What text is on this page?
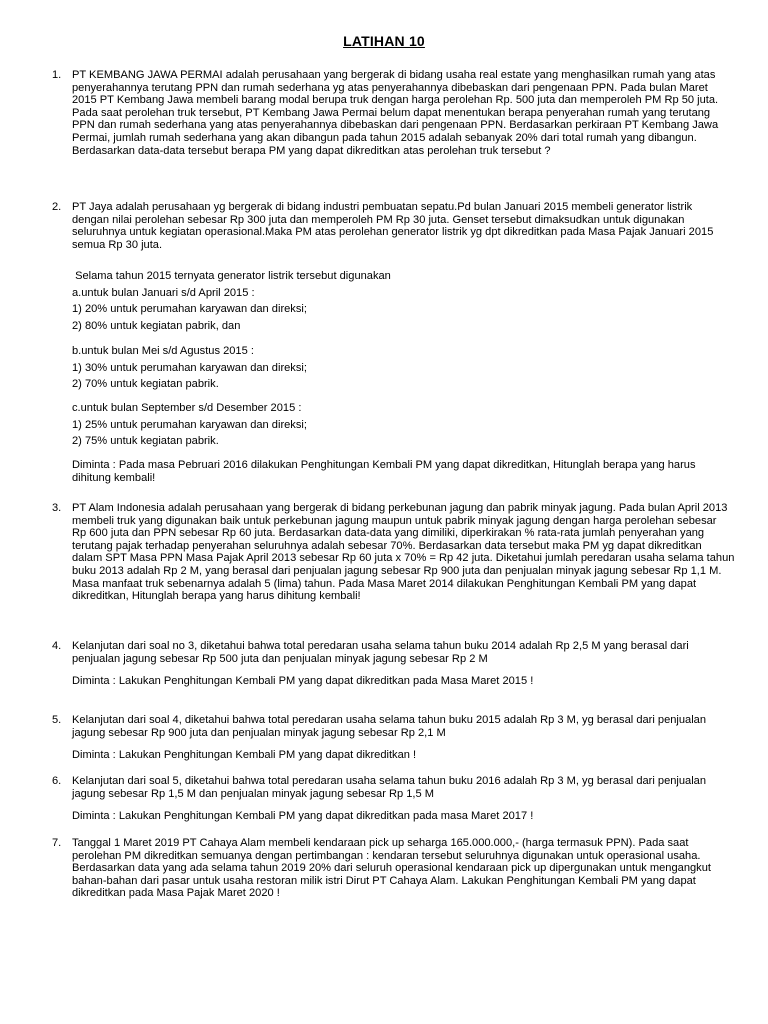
LATIHAN 10
1. PT KEMBANG JAWA PERMAI adalah perusahaan yang bergerak di bidang usaha real estate yang menghasilkan rumah yang atas
penyerahannya terutang PPN dan rumah sederhana yg atas penyerahannya dibebaskan dari pengenaan PPN. Pada bulan Maret
2015 PT Kembang Jawa membeli barang modal berupa truk dengan harga perolehan Rp. 500 juta dan memperoleh PM Rp 50 juta.
Pada saat perolehan truk tersebut, PT Kembang Jawa Permai belum dapat menentukan berapa penyerahan rumah yang terutang
PPN dan rumah sederhana yang atas penyerahannya dibebaskan dari pengenaan PPN. Berdasarkan perkiraan PT Kembang Jawa
Permai, jumlah rumah sederhana yang akan dibangun pada tahun 2015 adalah sebanyak 20% dari total rumah yang dibangun.
Berdasarkan data-data tersebut berapa PM yang dapat dikreditkan atas perolehan truk tersebut ?
2. PT Jaya adalah perusahaan yg bergerak di bidang industri pembuatan sepatu.Pd bulan Januari 2015 membeli generator listrik
dengan nilai perolehan sebesar Rp 300 juta dan memperoleh PM Rp 30 juta. Genset tersebut dimaksudkan untuk digunakan
seluruhnya untuk kegiatan operasional.Maka PM atas perolehan generator listrik yg dpt dikreditkan pada Masa Pajak Januari 2015
semua Rp 30 juta.
Selama tahun 2015 ternyata generator listrik tersebut digunakan
a.untuk bulan Januari s/d April 2015 :
1) 20% untuk perumahan karyawan dan direksi;
2) 80% untuk kegiatan pabrik, dan
b.untuk bulan Mei s/d Agustus 2015 :
1) 30% untuk perumahan karyawan dan direksi;
2) 70% untuk kegiatan pabrik.
c.untuk bulan September s/d Desember 2015 :
1) 25% untuk perumahan karyawan dan direksi;
2) 75% untuk kegiatan pabrik.
Diminta : Pada masa Pebruari 2016 dilakukan Penghitungan Kembali PM yang dapat dikreditkan, Hitunglah berapa yang harus
dihitung kembali!
3. PT Alam Indonesia adalah perusahaan yang bergerak di bidang perkebunan jagung dan pabrik minyak jagung. Pada bulan April 2013
membeli truk yang digunakan baik untuk perkebunan jagung maupun untuk pabrik minyak jagung dengan harga perolehan sebesar
Rp 600 juta dan PPN sebesar Rp 60 juta. Berdasarkan data-data yang dimiliki, diperkirakan % rata-rata jumlah penyerahan yang
terutang pajak terhadap penyerahan seluruhnya adalah sebesar 70%. Berdasarkan data tersebut maka PM yg dapat dikreditkan
dalam SPT Masa PPN Masa Pajak April 2013 sebesar Rp 60 juta x 70% = Rp 42 juta. Diketahui jumlah peredaran usaha selama tahun
buku 2013 adalah Rp 2 M, yang berasal dari penjualan jagung sebesar Rp 900 juta dan penjualan minyak jagung sebesar Rp 1,1 M.
Masa manfaat truk sebenarnya adalah 5 (lima) tahun. Pada Masa Maret 2014 dilakukan Penghitungan Kembali PM yang dapat
dikreditkan, Hitunglah berapa yang harus dihitung kembali!
4. Kelanjutan dari soal no 3, diketahui bahwa total peredaran usaha selama tahun buku 2014 adalah Rp 2,5 M yang berasal dari
penjualan jagung sebesar Rp 500 juta dan penjualan minyak jagung sebesar Rp 2 M
Diminta : Lakukan Penghitungan Kembali PM yang dapat dikreditkan pada Masa Maret 2015 !
5. Kelanjutan dari soal 4, diketahui bahwa total peredaran usaha selama tahun buku 2015 adalah Rp 3 M, yg berasal dari penjualan
jagung sebesar Rp 900 juta dan penjualan minyak jagung sebesar Rp 2,1 M
Diminta : Lakukan Penghitungan Kembali PM yang dapat dikreditkan !
6. Kelanjutan dari soal 5, diketahui bahwa total peredaran usaha selama tahun buku 2016 adalah Rp 3 M, yg berasal dari penjualan
jagung sebesar Rp 1,5 M dan penjualan minyak jagung sebesar Rp 1,5 M
Diminta : Lakukan Penghitungan Kembali PM yang dapat dikreditkan pada masa Maret 2017 !
7. Tanggal 1 Maret 2019 PT Cahaya Alam membeli kendaraan pick up seharga 165.000.000,- (harga termasuk PPN). Pada saat
perolehan PM dikreditkan semuanya dengan pertimbangan : kendaran tersebut seluruhnya digunakan untuk operasional usaha.
Berdasarkan data yang ada selama tahun 2019 20% dari seluruh operasional kendaraan pick up dipergunakan untuk mengangkut
bahan-bahan dari pasar untuk usaha restoran milik istri Dirut PT Cahaya Alam. Lakukan Penghitungan Kembali PM yang dapat
dikreditkan pada Masa Pajak Maret 2020 !
